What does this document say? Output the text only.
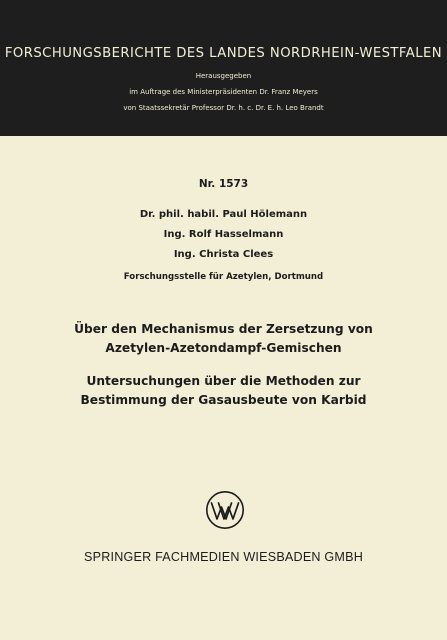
FORSCHUNGSBERICHTE DES LANDES NORDRHEIN-WESTFALEN
Herausgegeben
im Auftrage des Ministerpräsidenten Dr. Franz Meyers
von Staatssekretär Professor Dr. h. c. Dr. E. h. Leo Brandt
Nr. 1573
Dr. phil. habil. Paul Hölemann
Ing. Rolf Hasselmann
Ing. Christa Clees
Forschungsstelle für Azetylen, Dortmund
Über den Mechanismus der Zersetzung von
Azetylen-Azetondampf-Gemischen
Untersuchungen über die Methoden zur
Bestimmung der Gasausbeute von Karbid
SPRINGER FACHMEDIEN WIESBADEN GMBH
